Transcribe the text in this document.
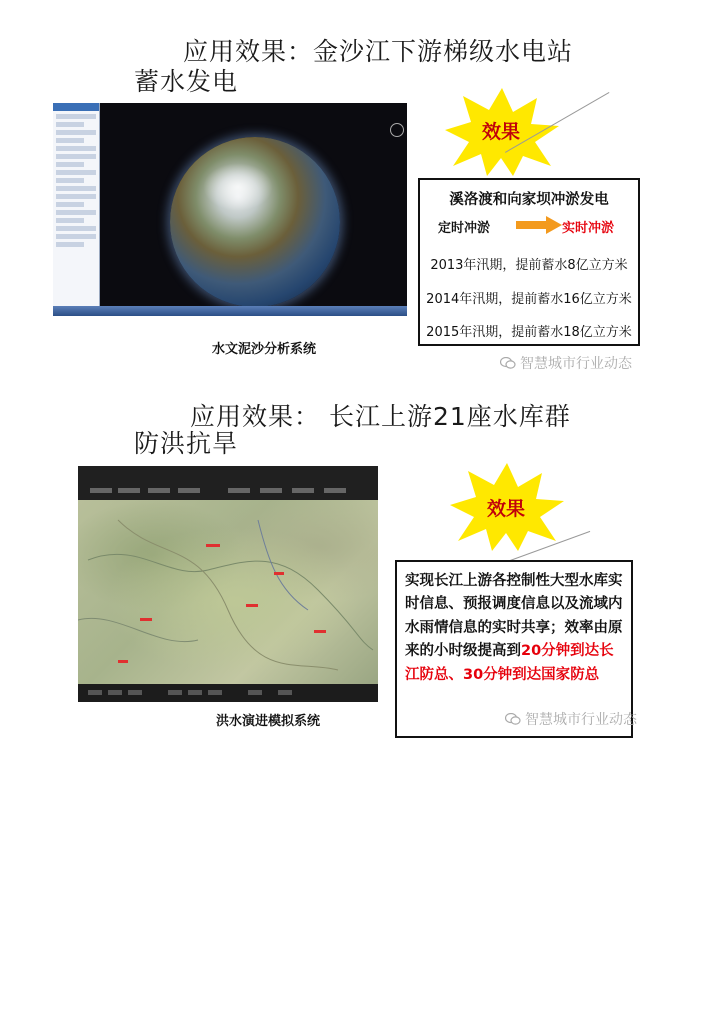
应用效果：金沙江下游梯级水电站
蓄水发电
水文泥沙分析系统
效果
溪洛渡和向家坝冲淤发电
定时冲淤	实时冲淤
2013年汛期，提前蓄水8亿立方米
2014年汛期，提前蓄水16亿立方米
2015年汛期，提前蓄水18亿立方米
智慧城市行业动态
应用效果： 长江上游21座水库群
防洪抗旱
洪水演进模拟系统
效果
实现长江上游各控制性大型水库实时信息、预报调度信息以及流域内水雨情信息的实时共享；效率由原来的小时级提高到20分钟到达长江防总、30分钟到达国家防总
智慧城市行业动态
